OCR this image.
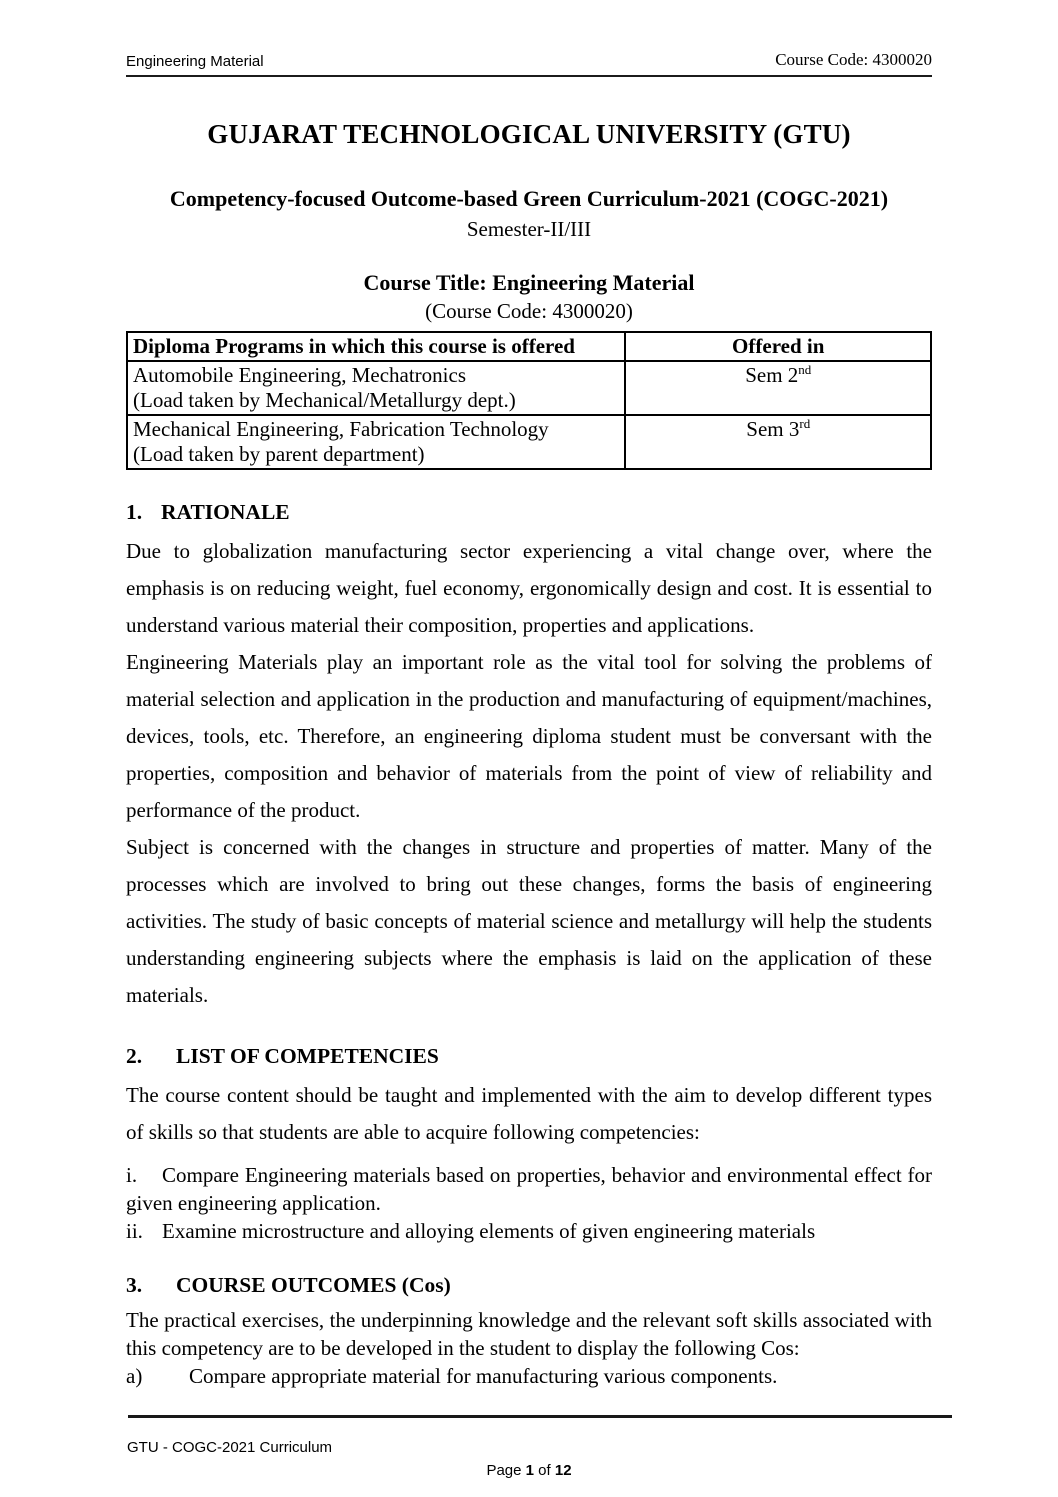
Engineering Material	Course Code: 4300020
GUJARAT TECHNOLOGICAL UNIVERSITY (GTU)
Competency-focused Outcome-based Green Curriculum-2021 (COGC-2021)
Semester-II/III
Course Title: Engineering Material
(Course Code: 4300020)
Diploma Programs in which this course is offered	Offered in

Automobile Engineering, Mechatronics
(Load taken by Mechanical/Metallurgy dept.)	Sem 2nd

Mechanical Engineering, Fabrication Technology
(Load taken by parent department)	Sem 3rd
1. RATIONALE

Due to globalization manufacturing sector experiencing a vital change over, where the emphasis is on reducing weight, fuel economy, ergonomically design and cost. It is essential to understand various material their composition, properties and applications.

Engineering Materials play an important role as the vital tool for solving the problems of material selection and application in the production and manufacturing of equipment/machines, devices, tools, etc. Therefore, an engineering diploma student must be conversant with the properties, composition and behavior of materials from the point of view of reliability and performance of the product.

Subject is concerned with the changes in structure and properties of matter. Many of the processes which are involved to bring out these changes, forms the basis of engineering activities. The study of basic concepts of material science and metallurgy will help the students understanding engineering subjects where the emphasis is laid on the application of these materials.

2. LIST OF COMPETENCIES

The course content should be taught and implemented with the aim to develop different types of skills so that students are able to acquire following competencies:

i. Compare Engineering materials based on properties, behavior and environmental effect for given engineering application.

ii. Examine microstructure and alloying elements of given engineering materials

3. COURSE OUTCOMES (Cos)

The practical exercises, the underpinning knowledge and the relevant soft skills associated with this competency are to be developed in the student to display the following Cos:

a) Compare appropriate material for manufacturing various components.

GTU - COGC-2021 Curriculum
Page 1 of 12
